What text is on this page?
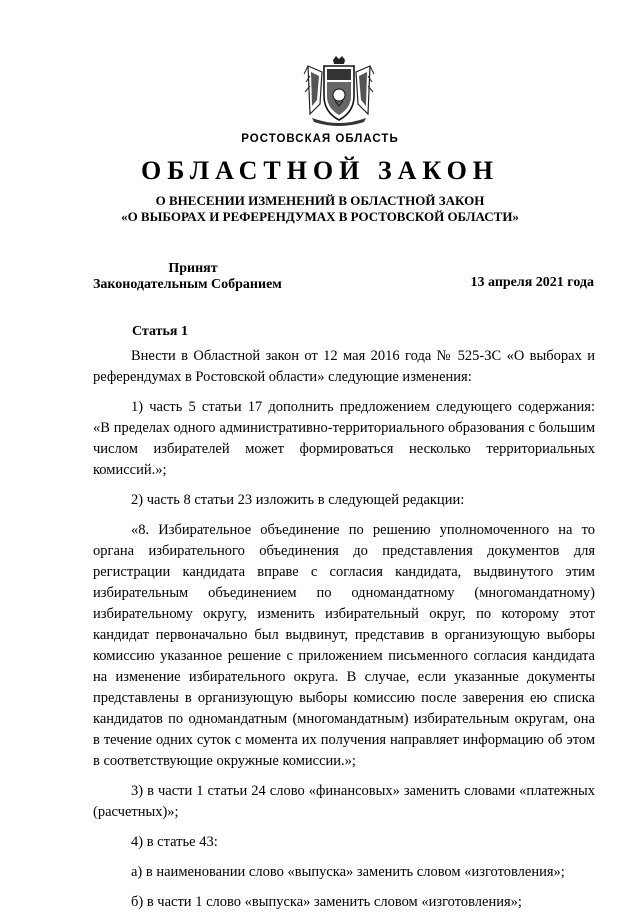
РОСТОВСКАЯ ОБЛАСТЬ
ОБЛАСТНОЙ ЗАКОН
О ВНЕСЕНИИ ИЗМЕНЕНИЙ В ОБЛАСТНОЙ ЗАКОН
«О ВЫБОРАХ И РЕФЕРЕНДУМАХ В РОСТОВСКОЙ ОБЛАСТИ»
Принят

Законодательным Собранием	13 апреля 2021 года
Статья 1

Внести в Областной закон от 12 мая 2016 года № 525-ЗС «О выборах и референдумах в Ростовской области» следующие изменения:

1) часть 5 статьи 17 дополнить предложением следующего содержания: «В пределах одного административно-территориального образования с большим числом избирателей может формироваться несколько территориальных комиссий.»;

2) часть 8 статьи 23 изложить в следующей редакции:

«8. Избирательное объединение по решению уполномоченного на то органа избирательного объединения до представления документов для регистрации кандидата вправе с согласия кандидата, выдвинутого этим избирательным объединением по одномандатному (многомандатному) избирательному округу, изменить избирательный округ, по которому этот кандидат первоначально был выдвинут, представив в организующую выборы комиссию указанное решение с приложением письменного согласия кандидата на изменение избирательного округа. В случае, если указанные документы представлены в организующую выборы комиссию после заверения ею списка кандидатов по одномандатным (многомандатным) избирательным округам, она в течение одних суток с момента их получения направляет информацию об этом в соответствующие окружные комиссии.»;

3) в части 1 статьи 24 слово «финансовых» заменить словами «платежных (расчетных)»;

4) в статье 43:

а) в наименовании слово «выпуска» заменить словом «изготовления»;

б) в части 1 слово «выпуска» заменить словом «изготовления»;
